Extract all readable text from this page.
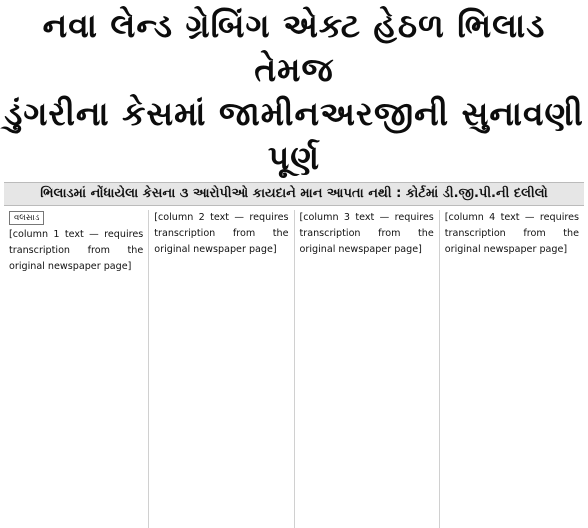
નવા લેન્ડ ગ્રેબિંગ એક્ટ હેઠળ ભિલાડ તેમજ
ડુંગરીના કેસમાં જામીનઅરજીની સુનાવણી પૂર્ણ
ભિલાડમાં નોંધાયેલા કેસના ૩ આરોપીઓ કાયદાને માન આપતા નથી : કોર્ટમાં ડી.જી.પી.ની દલીલો
વલસાડ

[column 1 text — requires transcription from the original newspaper page]

[column 2 text — requires transcription from the original newspaper page]

[column 3 text — requires transcription from the original newspaper page]

[column 4 text — requires transcription from the original newspaper page]
